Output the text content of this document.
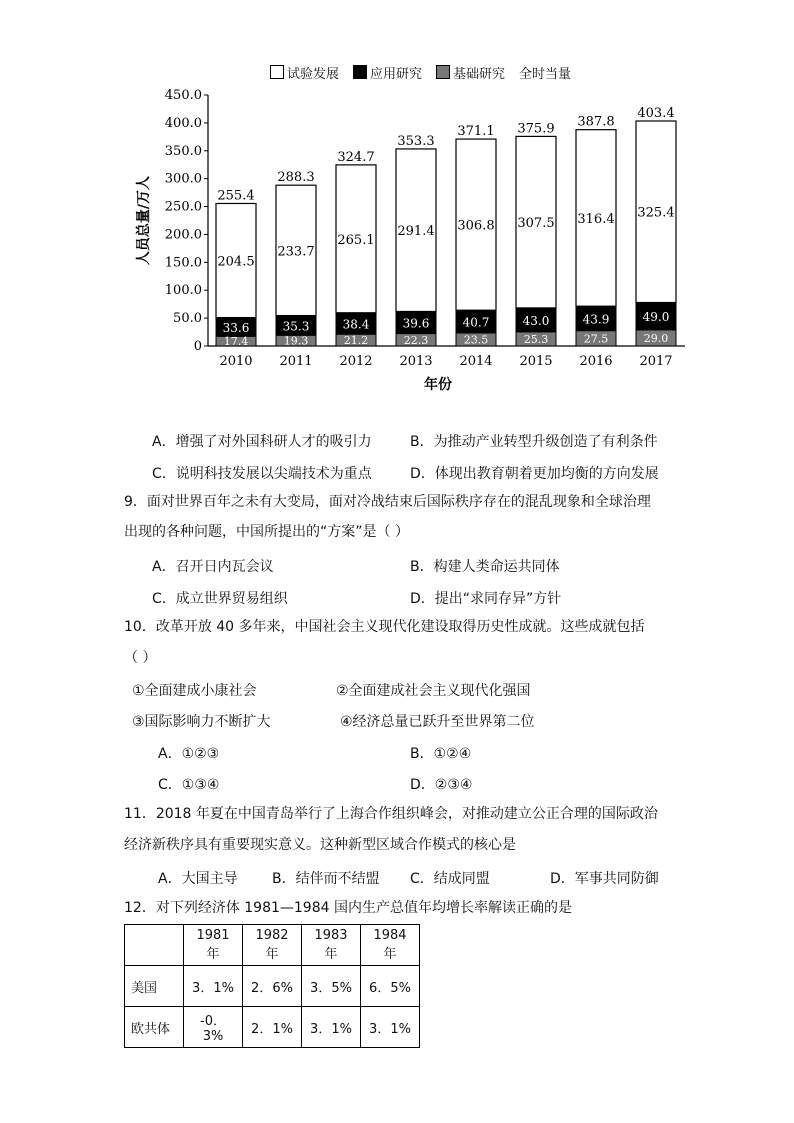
试验发展	应用研究	基础研究 全时当量
0
50.0
100.0
150.0
200.0
250.0
300.0
350.0
400.0
450.0
人员总量/万人
年份
255.4
204.5
33.6
17.4
2010
288.3
233.7
35.3
19.3
2011
324.7
265.1
38.4
21.2
2012
353.3
291.4
39.6
22.3
2013
371.1
306.8
40.7
23.5
2014
375.9
307.5
43.0
25.3
2015
387.8
316.4
43.9
27.5
2016
403.4
325.4
49.0
29.0
2017
A．增强了对外国科研人才的吸引力	B．为推动产业转型升级创造了有利条件
C．说明科技发展以尖端技术为重点	D．体现出教育朝着更加均衡的方向发展
9．面对世界百年之未有大变局，面对冷战结束后国际秩序存在的混乱现象和全球治理
出现的各种问题，中国所提出的“方案”是（ ）
A．召开日内瓦会议	B．构建人类命运共同体
C．成立世界贸易组织	D．提出“求同存异”方针
10．改革开放 40 多年来，中国社会主义现代化建设取得历史性成就。这些成就包括
（ ）
①全面建成小康社会	②全面建成社会主义现代化强国
③国际影响力不断扩大	④经济总量已跃升至世界第二位
A．①②③	B．①②④
C．①③④	D．②③④
11．2018 年夏在中国青岛举行了上海合作组织峰会，对推动建立公正合理的国际政治
经济新秩序具有重要现实意义。这种新型区域合作模式的核心是
A．大国主导 B．结伴而不结盟 C．结成同盟	D．军事共同防御
12．对下列经济体 1981—1984 国内生产总值年均增长率解读正确的是
	1981 年	1982年	1983 年	1984 年
美国	3．1%	2．6%	3．5%	6．5%
欧共体	-0．3%	2．1%	3．1%	3．1%
